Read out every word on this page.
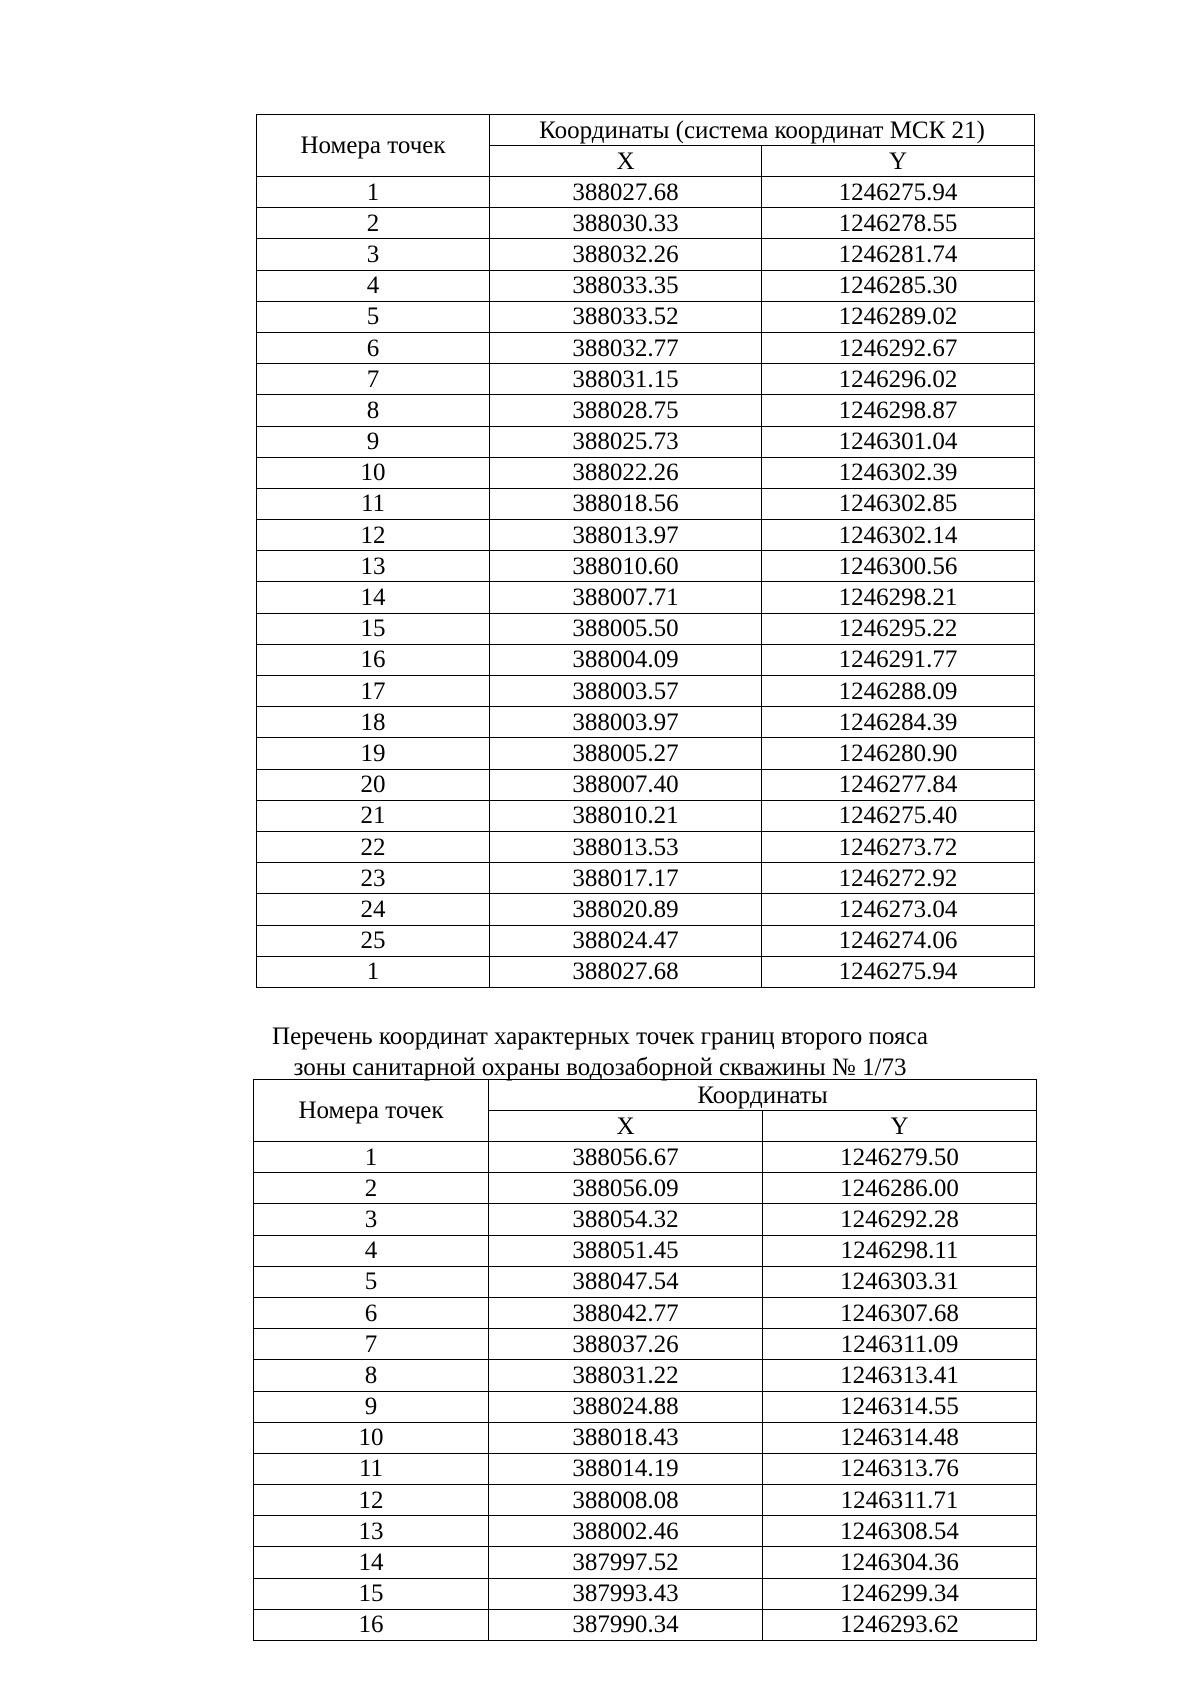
Номера точек	Координаты (система координат МСК 21)	
	X	Y
1	388027.68	1246275.94
2	388030.33	1246278.55
3	388032.26	1246281.74
4	388033.35	1246285.30
5	388033.52	1246289.02
6	388032.77	1246292.67
7	388031.15	1246296.02
8	388028.75	1246298.87
9	388025.73	1246301.04
10	388022.26	1246302.39
11	388018.56	1246302.85
12	388013.97	1246302.14
13	388010.60	1246300.56
14	388007.71	1246298.21
15	388005.50	1246295.22
16	388004.09	1246291.77
17	388003.57	1246288.09
18	388003.97	1246284.39
19	388005.27	1246280.90
20	388007.40	1246277.84
21	388010.21	1246275.40
22	388013.53	1246273.72
23	388017.17	1246272.92
24	388020.89	1246273.04
25	388024.47	1246274.06
1	388027.68	1246275.94
Перечень координат характерных точек границ второго пояса
зоны санитарной охраны водозаборной скважины № 1/73
Номера точек	Координаты	
	X	Y
1	388056.67	1246279.50
2	388056.09	1246286.00
3	388054.32	1246292.28
4	388051.45	1246298.11
5	388047.54	1246303.31
6	388042.77	1246307.68
7	388037.26	1246311.09
8	388031.22	1246313.41
9	388024.88	1246314.55
10	388018.43	1246314.48
11	388014.19	1246313.76
12	388008.08	1246311.71
13	388002.46	1246308.54
14	387997.52	1246304.36
15	387993.43	1246299.34
16	387990.34	1246293.62
